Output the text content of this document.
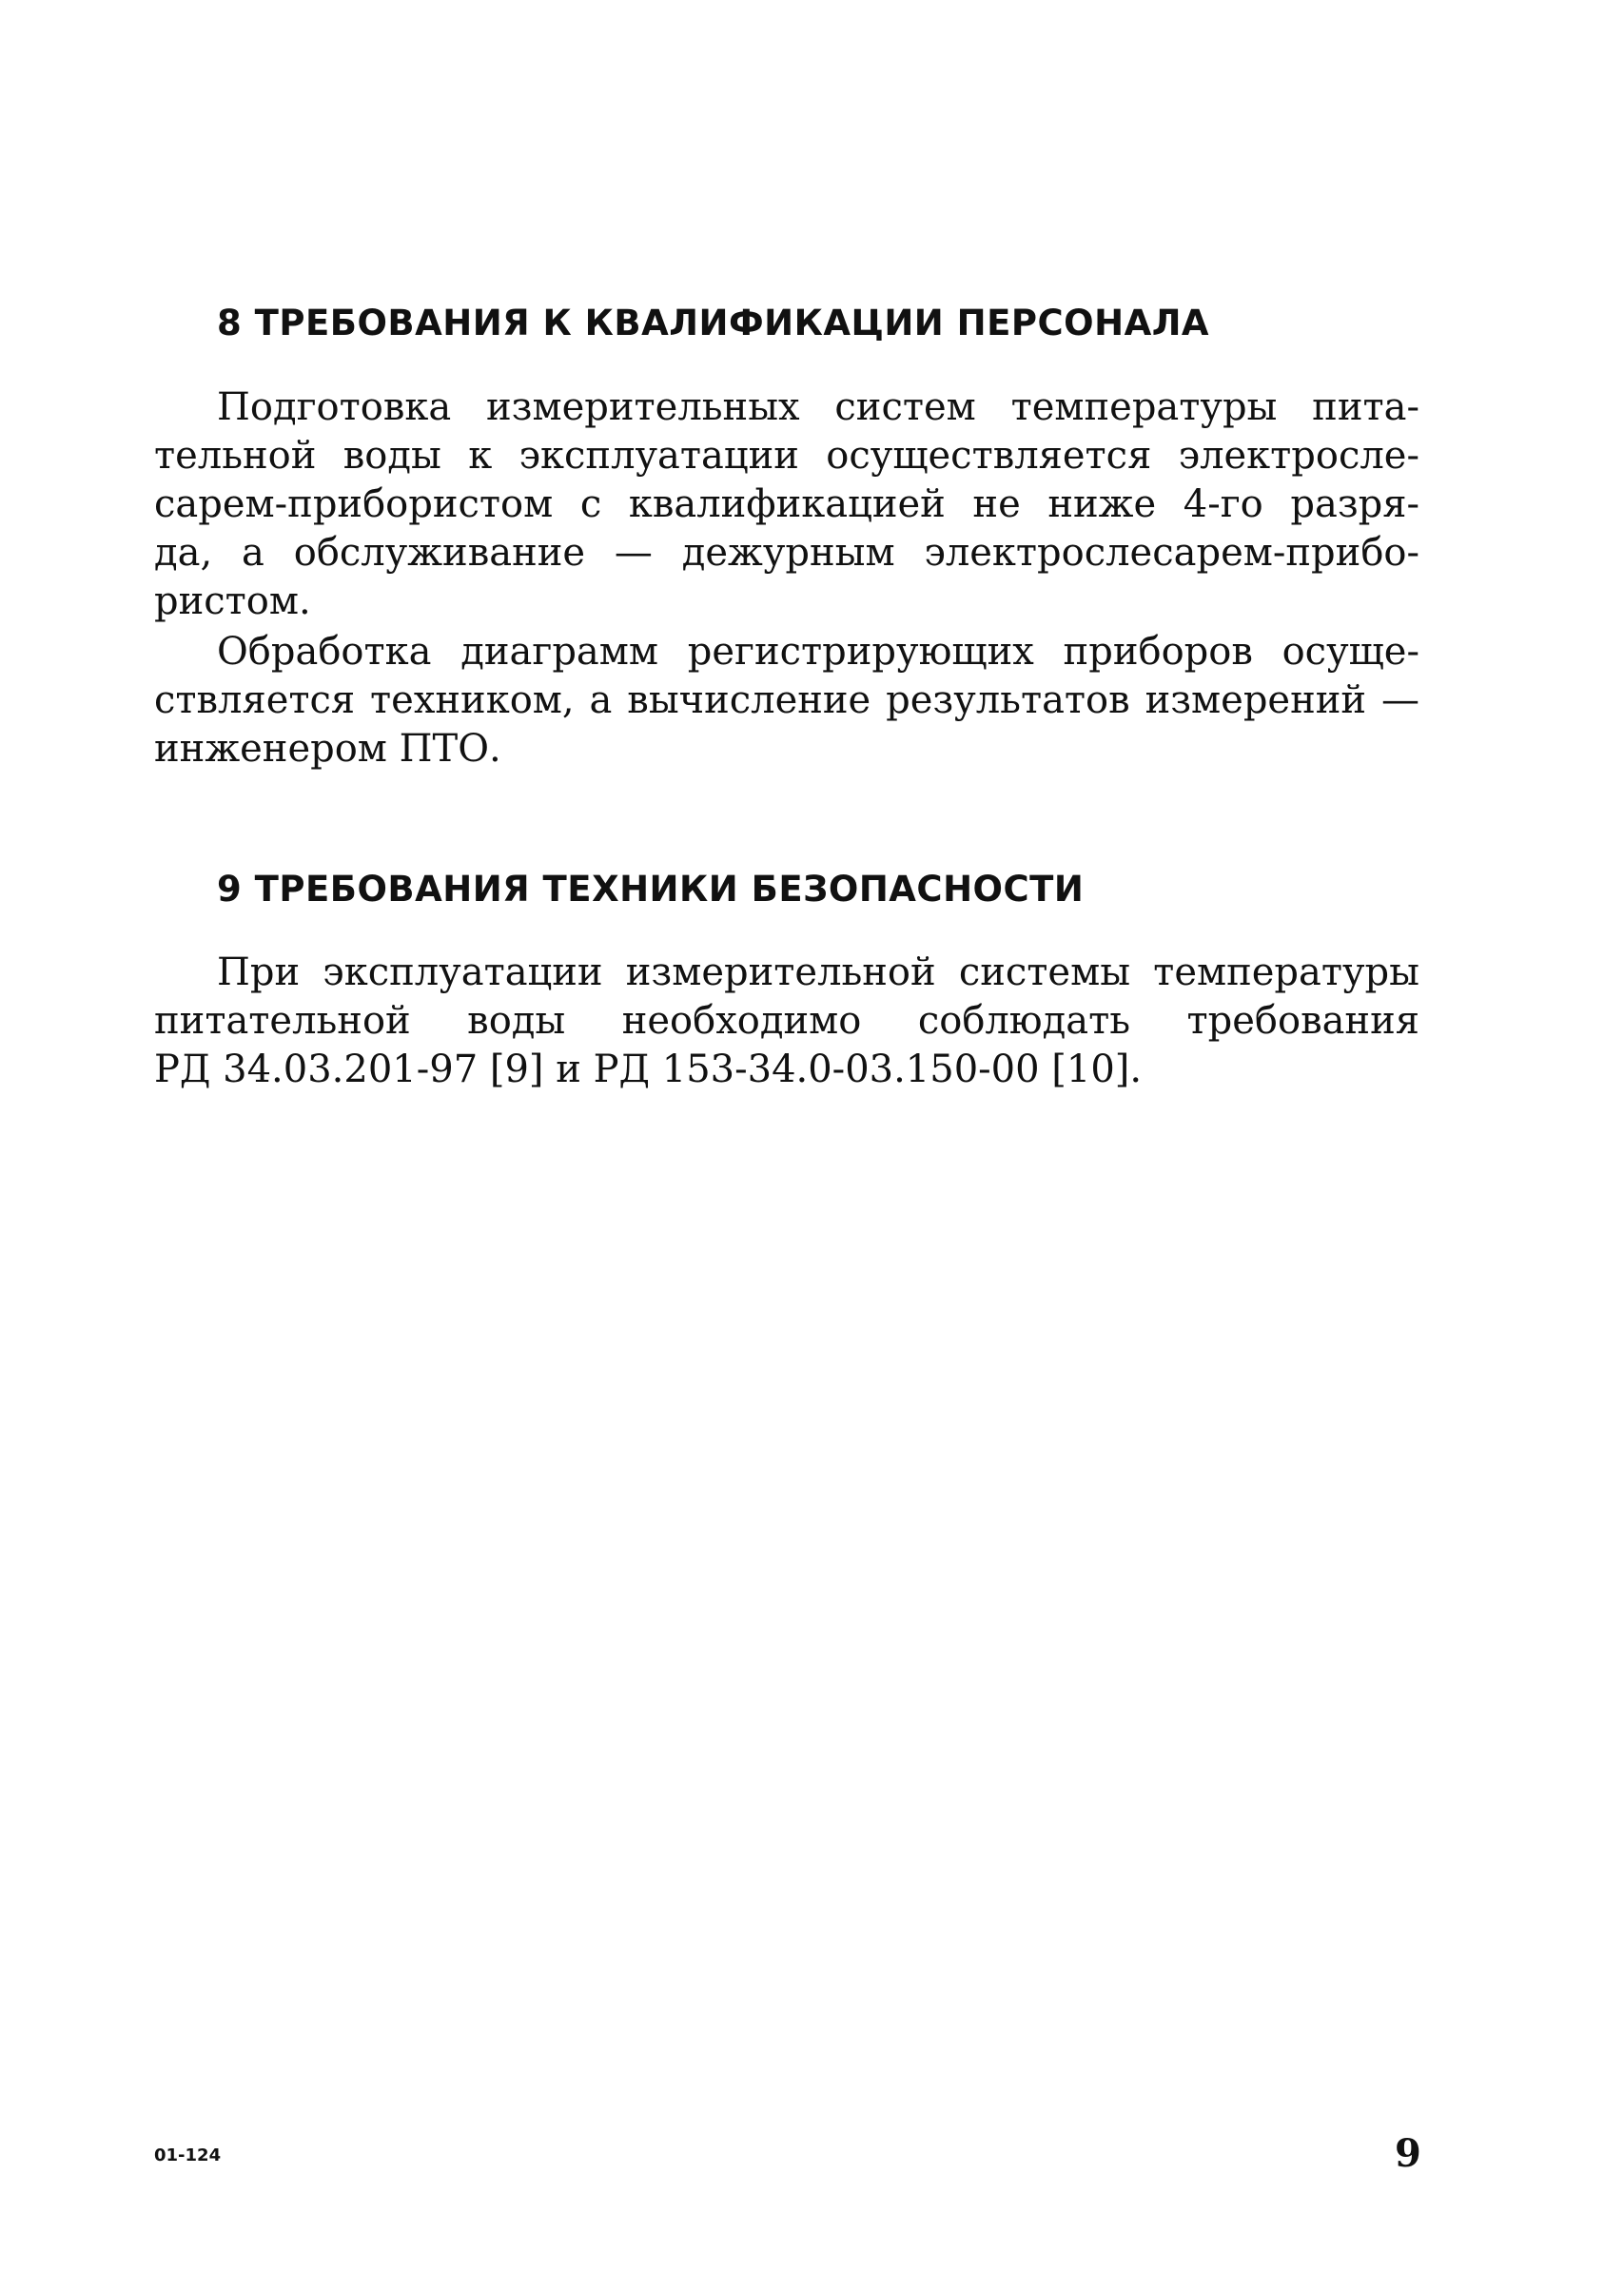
8 ТРЕБОВАНИЯ К КВАЛИФИКАЦИИ ПЕРСОНАЛА
Подготовка измерительных систем температуры пита-
тельной воды к эксплуатации осуществляется электросле-
сарем-прибористом с квалификацией не ниже 4-го разря-
да, а обслуживание — дежурным электрослесарем-прибо-
ристом.
Обработка диаграмм регистрирующих приборов осуще-
ствляется техником, а вычисление результатов измерений —
инженером ПТО.
9 ТРЕБОВАНИЯ ТЕХНИКИ БЕЗОПАСНОСТИ
При эксплуатации измерительной системы температуры
питательной воды необходимо соблюдать требования
РД 34.03.201-97 [9] и РД 153-34.0-03.150-00 [10].
01-124	9
